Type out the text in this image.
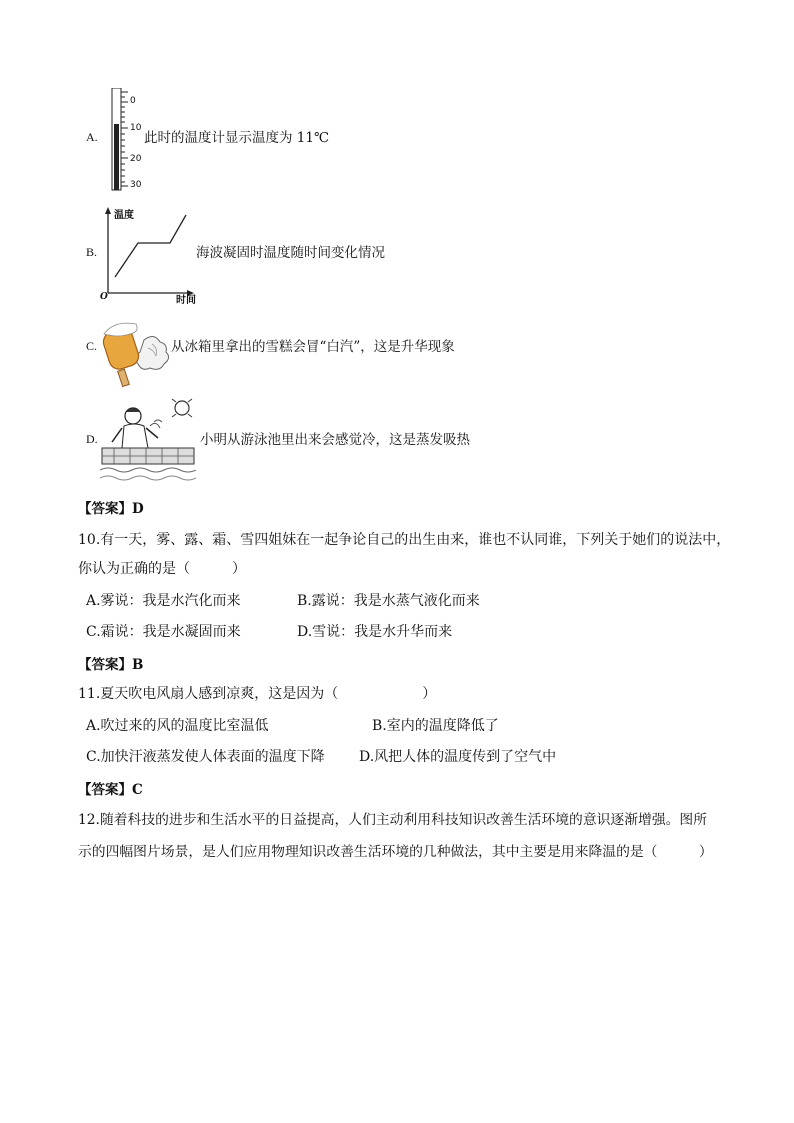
A.
0
10
20
30
此时的温度计显示温度为 11℃
B.
温度
O	时间
海波凝固时温度随时间变化情况
C.	从冰箱里拿出的雪糕会冒“白汽”，这是升华现象
D.	小明从游泳池里出来会感觉冷，这是蒸发吸热
【答案】D
10.有一天，雾、露、霜、雪四姐妹在一起争论自己的出生由来，谁也不认同谁，下列关于她们的说法中，
你认为正确的是（　　　）
A.雾说：我是水汽化而来	B.露说：我是水蒸气液化而来
C.霜说：我是水凝固而来	D.雪说：我是水升华而来
【答案】B
11.夏天吹电风扇人感到凉爽，这是因为（　　　　　　）
A.吹过来的风的温度比室温低	B.室内的温度降低了
C.加快汗液蒸发使人体表面的温度下降 D.风把人体的温度传到了空气中
【答案】C
12.随着科技的进步和生活水平的日益提高，人们主动利用科技知识改善生活环境的意识逐渐增强。图所
示的四幅图片场景，是人们应用物理知识改善生活环境的几种做法，其中主要是用来降温的是（　　　）
